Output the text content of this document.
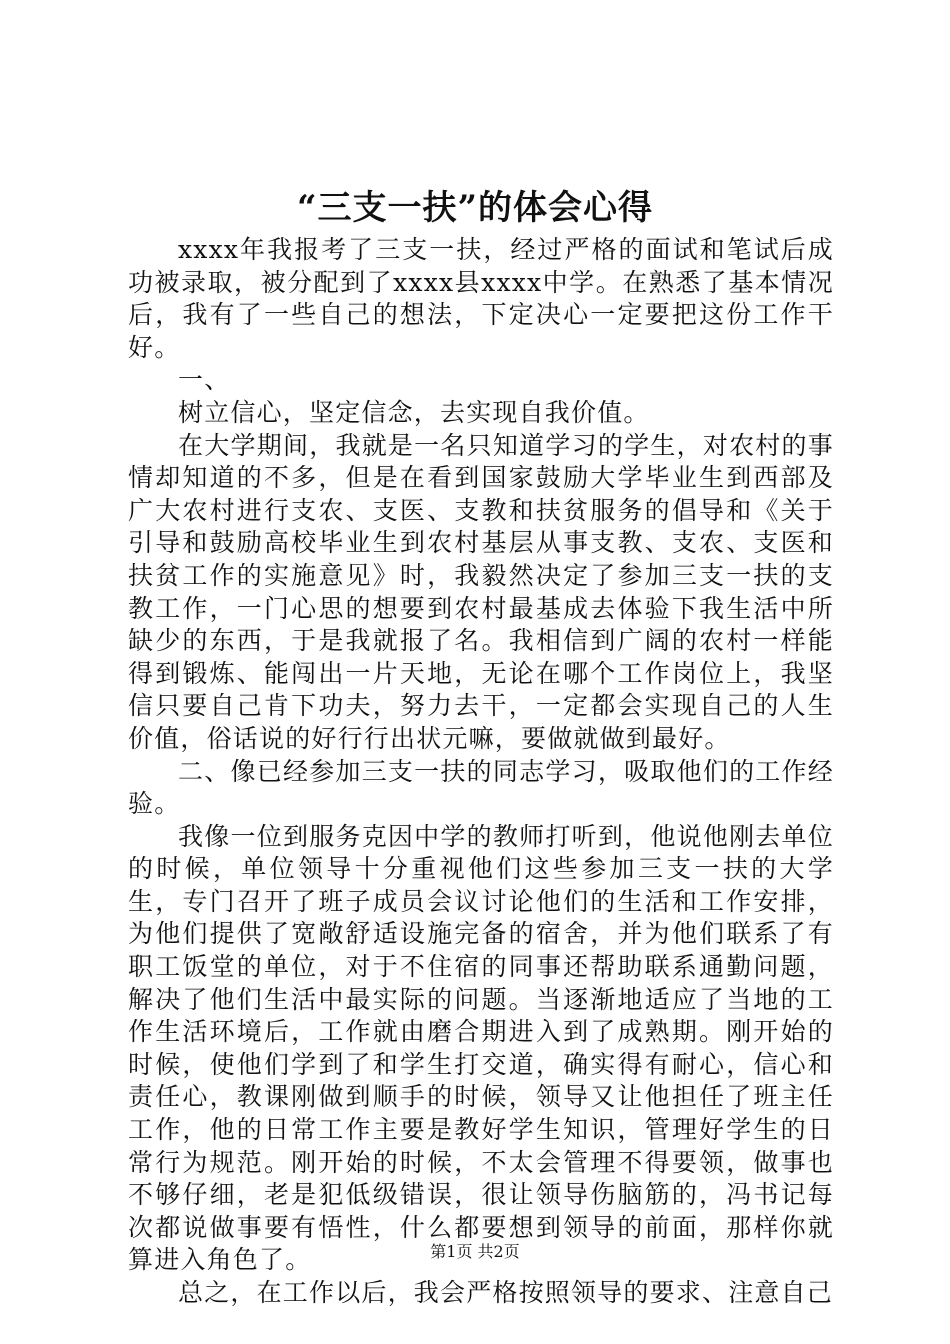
“三支一扶”的体会心得

xxxx年我报考了三支一扶，经过严格的面试和笔试后成功被录取，被分配到了xxxx县xxxx中学。在熟悉了基本情况后，我有了一些自己的想法，下定决心一定要把这份工作干好。

一、

树立信心，坚定信念，去实现自我价值。

在大学期间，我就是一名只知道学习的学生，对农村的事情却知道的不多，但是在看到国家鼓励大学毕业生到西部及广大农村进行支农、支医、支教和扶贫服务的倡导和《关于引导和鼓励高校毕业生到农村基层从事支教、支农、支医和扶贫工作的实施意见》时，我毅然决定了参加三支一扶的支教工作，一门心思的想要到农村最基成去体验下我生活中所缺少的东西，于是我就报了名。我相信到广阔的农村一样能得到锻炼、能闯出一片天地，无论在哪个工作岗位上，我坚信只要自己肯下功夫，努力去干，一定都会实现自己的人生价值，俗话说的好行行出状元嘛，要做就做到最好。

二、像已经参加三支一扶的同志学习，吸取他们的工作经验。

我像一位到服务克因中学的教师打听到，他说他刚去单位的时候，单位领导十分重视他们这些参加三支一扶的大学生，专门召开了班子成员会议讨论他们的生活和工作安排，为他们提供了宽敞舒适设施完备的宿舍，并为他们联系了有职工饭堂的单位，对于不住宿的同事还帮助联系通勤问题，解决了他们生活中最实际的问题。当逐渐地适应了当地的工作生活环境后，工作就由磨合期进入到了成熟期。刚开始的时候，使他们学到了和学生打交道，确实得有耐心，信心和责任心，教课刚做到顺手的时候，领导又让他担任了班主任工作，他的日常工作主要是教好学生知识，管理好学生的日常行为规范。刚开始的时候，不太会管理不得要领，做事也不够仔细，老是犯低级错误，很让领导伤脑筋的，冯书记每次都说做事要有悟性，什么都要想到领导的前面，那样你就算进入角色了。

总之，在工作以后，我会严格按照领导的要求、注意自己

第1页 共2页
